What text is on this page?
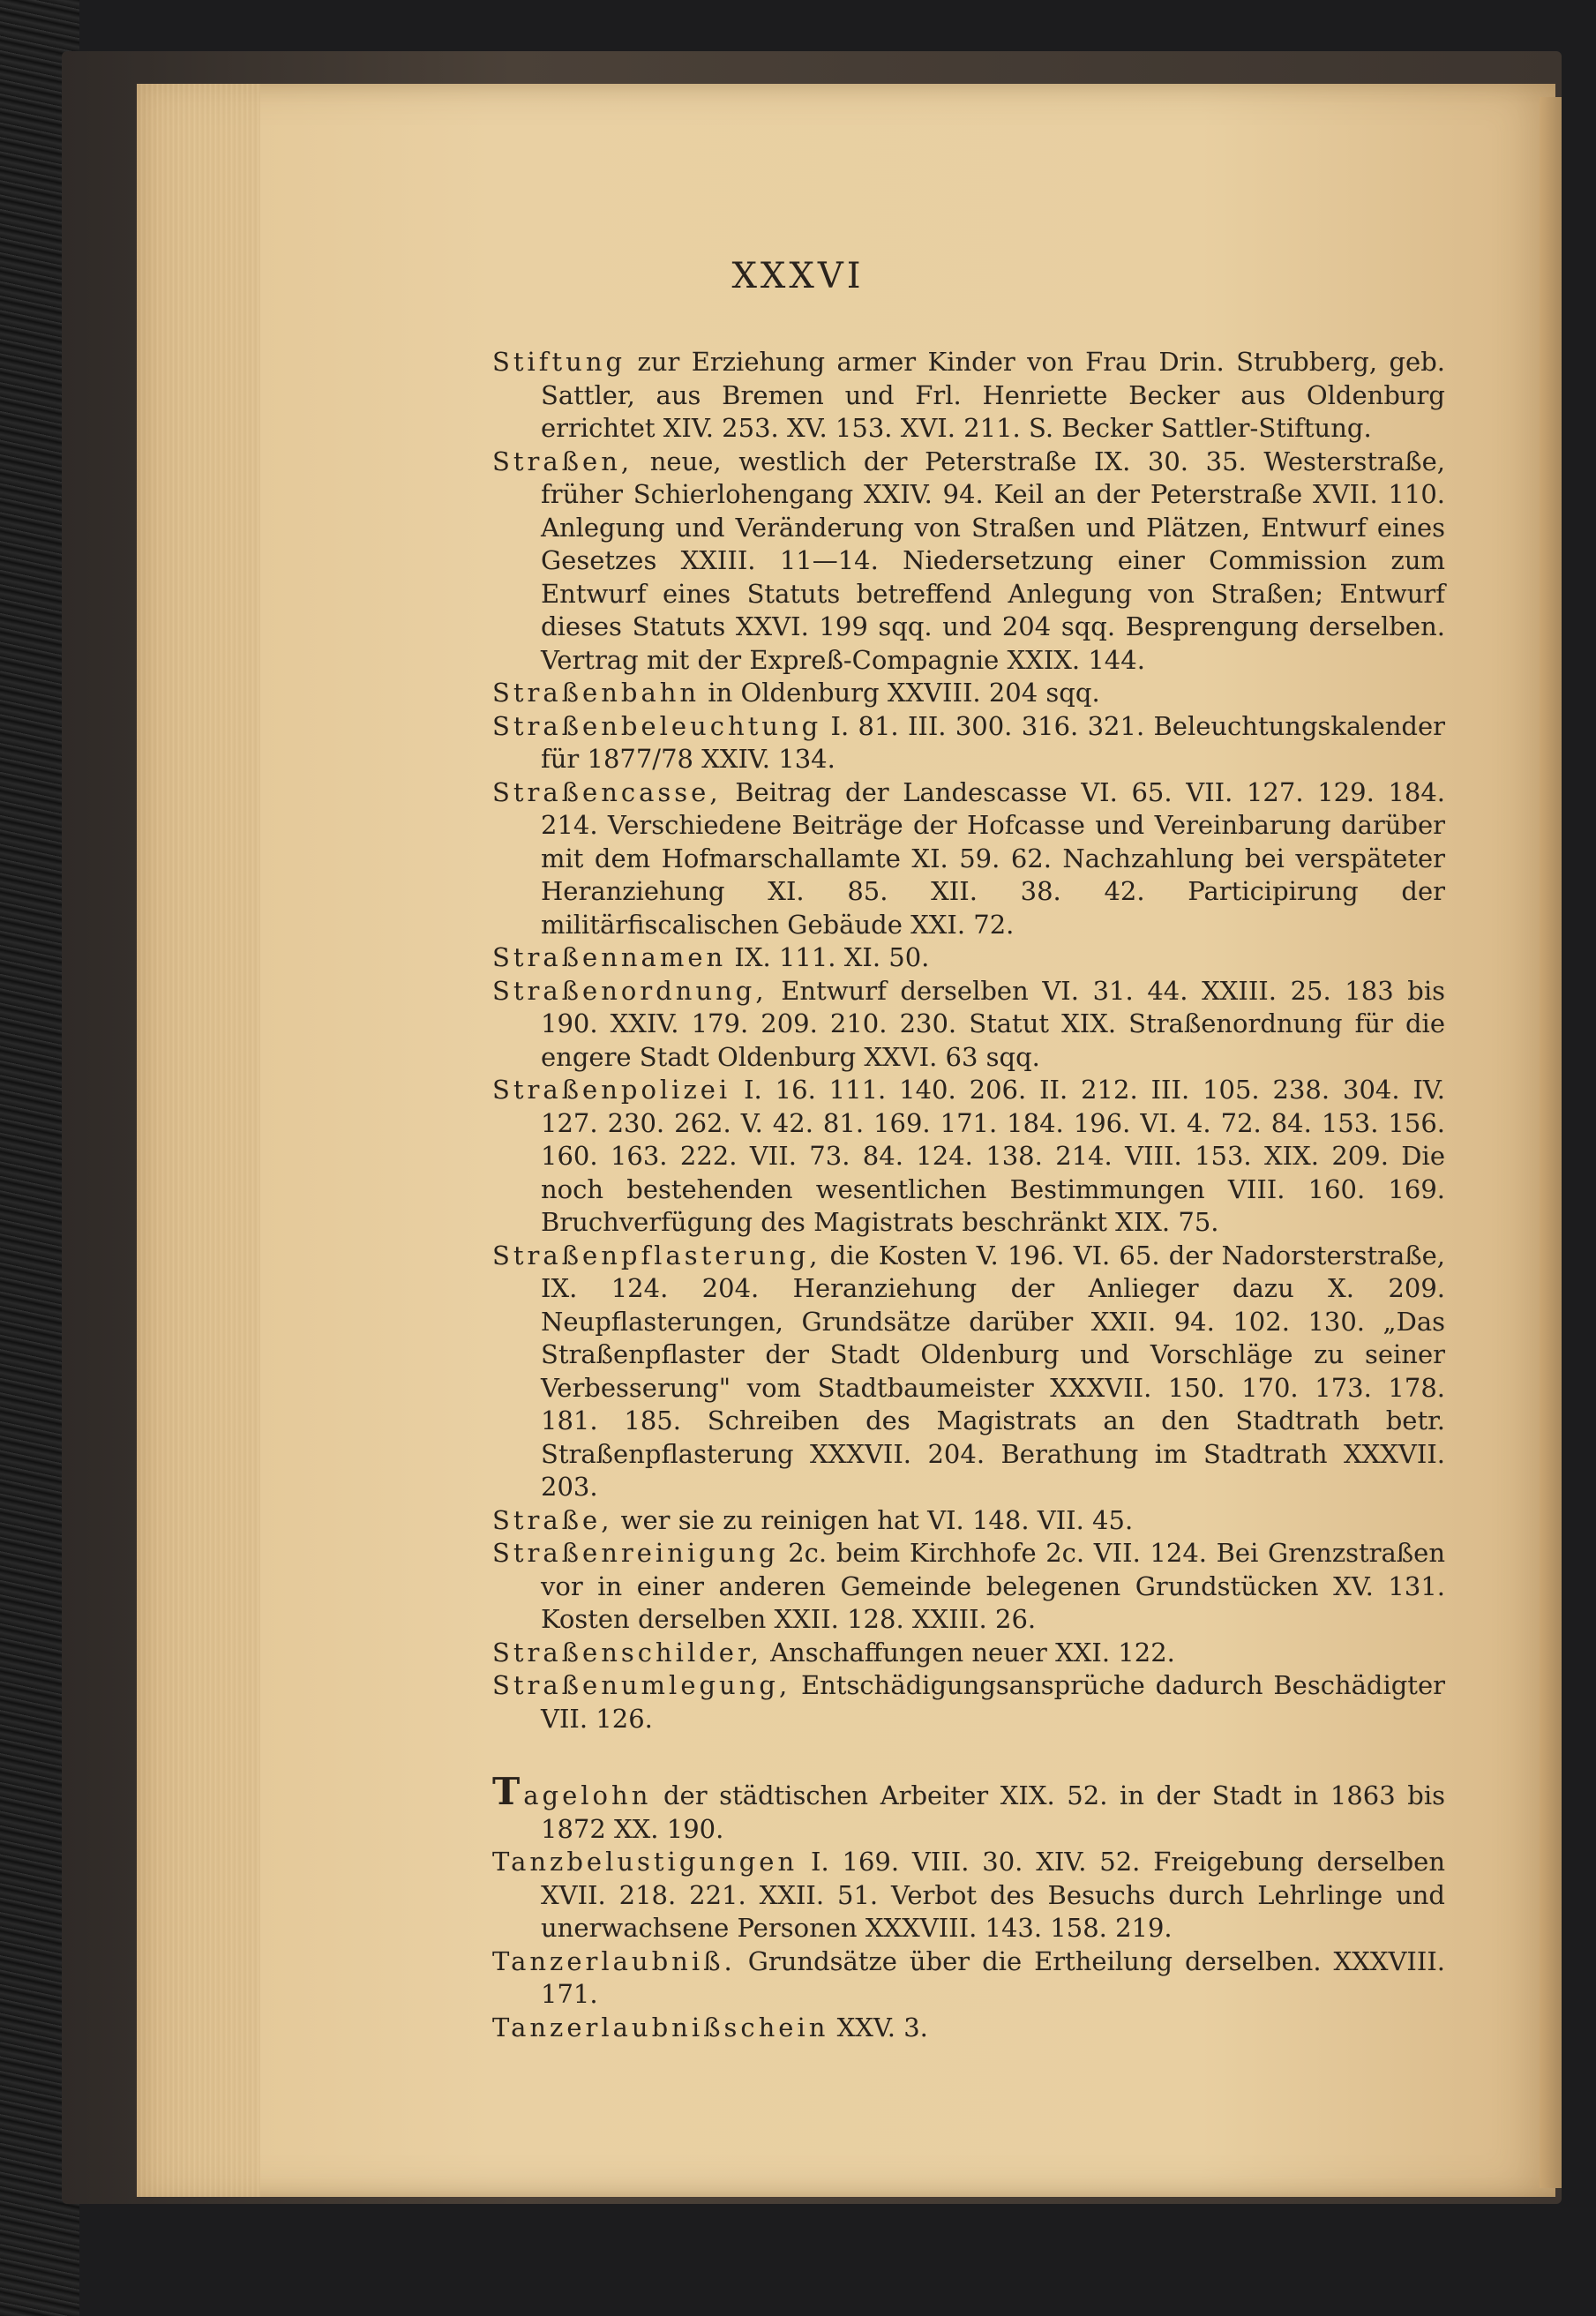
XXXVI

Stiftung zur Erziehung armer Kinder von Frau Drin. Strubberg, geb. Sattler, aus Bremen und Frl. Henriette Becker aus Oldenburg errichtet XIV. 253. XV. 153. XVI. 211. S. Becker Sattler-Stiftung.

Straßen, neue, westlich der Peterstraße IX. 30. 35. Westerstraße, früher Schierlohengang XXIV. 94. Keil an der Peterstraße XVII. 110. Anlegung und Veränderung von Straßen und Plätzen, Entwurf eines Gesetzes XXIII. 11—14. Niedersetzung einer Commission zum Entwurf eines Statuts betreffend Anlegung von Straßen; Entwurf dieses Statuts XXVI. 199 sqq. und 204 sqq. Besprengung derselben. Vertrag mit der Expreß-Compagnie XXIX. 144.

Straßenbahn in Oldenburg XXVIII. 204 sqq.

Straßenbeleuchtung I. 81. III. 300. 316. 321. Beleuchtungskalender für 1877/78 XXIV. 134.

Straßencasse, Beitrag der Landescasse VI. 65. VII. 127. 129. 184. 214. Verschiedene Beiträge der Hofcasse und Vereinbarung darüber mit dem Hofmarschallamte XI. 59. 62. Nachzahlung bei verspäteter Heranziehung XI. 85. XII. 38. 42. Participirung der militärfiscalischen Gebäude XXI. 72.

Straßennamen IX. 111. XI. 50.

Straßenordnung, Entwurf derselben VI. 31. 44. XXIII. 25. 183 bis 190. XXIV. 179. 209. 210. 230. Statut XIX. Straßenordnung für die engere Stadt Oldenburg XXVI. 63 sqq.

Straßenpolizei I. 16. 111. 140. 206. II. 212. III. 105. 238. 304. IV. 127. 230. 262. V. 42. 81. 169. 171. 184. 196. VI. 4. 72. 84. 153. 156. 160. 163. 222. VII. 73. 84. 124. 138. 214. VIII. 153. XIX. 209. Die noch bestehenden wesentlichen Bestimmungen VIII. 160. 169. Bruchverfügung des Magistrats beschränkt XIX. 75.

Straßenpflasterung, die Kosten V. 196. VI. 65. der Nadorsterstraße, IX. 124. 204. Heranziehung der Anlieger dazu X. 209. Neupflasterungen, Grundsätze darüber XXII. 94. 102. 130. „Das Straßenpflaster der Stadt Oldenburg und Vorschläge zu seiner Verbesserung" vom Stadtbaumeister XXXVII. 150. 170. 173. 178. 181. 185. Schreiben des Magistrats an den Stadtrath betr. Straßenpflasterung XXXVII. 204. Berathung im Stadtrath XXXVII. 203.

Straße, wer sie zu reinigen hat VI. 148. VII. 45.

Straßenreinigung 2c. beim Kirchhofe 2c. VII. 124. Bei Grenzstraßen vor in einer anderen Gemeinde belegenen Grundstücken XV. 131. Kosten derselben XXII. 128. XXIII. 26.

Straßenschilder, Anschaffungen neuer XXI. 122.

Straßenumlegung, Entschädigungsansprüche dadurch Beschädigter VII. 126.

Tagelohn der städtischen Arbeiter XIX. 52. in der Stadt in 1863 bis 1872 XX. 190.

Tanzbelustigungen I. 169. VIII. 30. XIV. 52. Freigebung derselben XVII. 218. 221. XXII. 51. Verbot des Besuchs durch Lehrlinge und unerwachsene Personen XXXVIII. 143. 158. 219.

Tanzerlaubniß. Grundsätze über die Ertheilung derselben. XXXVIII. 171.

Tanzerlaubnißschein XXV. 3.
